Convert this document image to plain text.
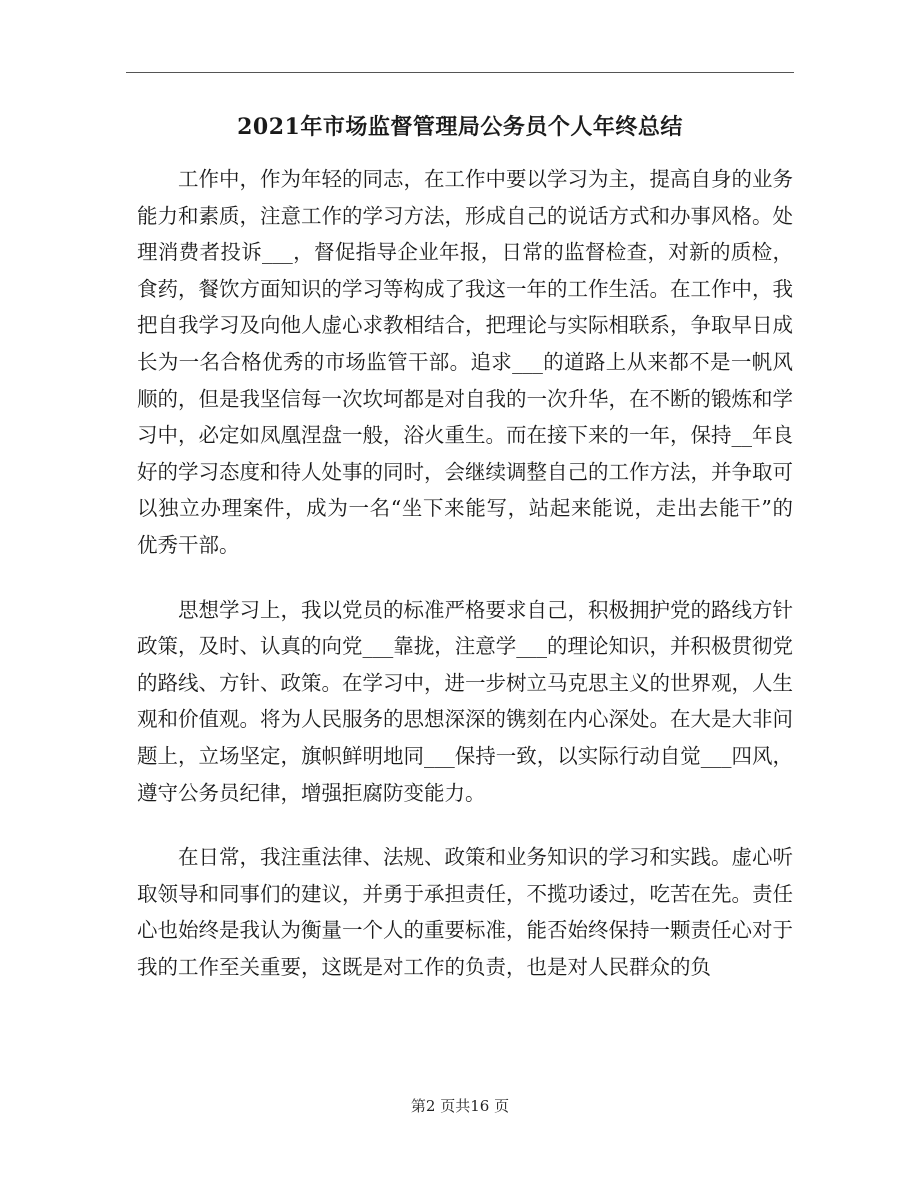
2021年市场监督管理局公务员个人年终总结

工作中，作为年轻的同志，在工作中要以学习为主，提高自身的业务能力和素质，注意工作的学习方法，形成自己的说话方式和办事风格。处理消费者投诉___，督促指导企业年报，日常的监督检查，对新的质检，食药，餐饮方面知识的学习等构成了我这一年的工作生活。在工作中，我把自我学习及向他人虚心求教相结合，把理论与实际相联系，争取早日成长为一名合格优秀的市场监管干部。追求___的道路上从来都不是一帆风顺的，但是我坚信每一次坎坷都是对自我的一次升华，在不断的锻炼和学习中，必定如凤凰涅盘一般，浴火重生。而在接下来的一年，保持__年良好的学习态度和待人处事的同时，会继续调整自己的工作方法，并争取可以独立办理案件，成为一名“坐下来能写，站起来能说，走出去能干”的优秀干部。

思想学习上，我以党员的标准严格要求自己，积极拥护党的路线方针政策，及时、认真的向党___靠拢，注意学___的理论知识，并积极贯彻党的路线、方针、政策。在学习中，进一步树立马克思主义的世界观，人生观和价值观。将为人民服务的思想深深的镌刻在内心深处。在大是大非问题上，立场坚定，旗帜鲜明地同___保持一致，以实际行动自觉___四风，遵守公务员纪律，增强拒腐防变能力。

在日常，我注重法律、法规、政策和业务知识的学习和实践。虚心听取领导和同事们的建议，并勇于承担责任，不揽功诿过，吃苦在先。责任心也始终是我认为衡量一个人的重要标准，能否始终保持一颗责任心对于我的工作至关重要，这既是对工作的负责，也是对人民群众的负

第2 页共16 页
